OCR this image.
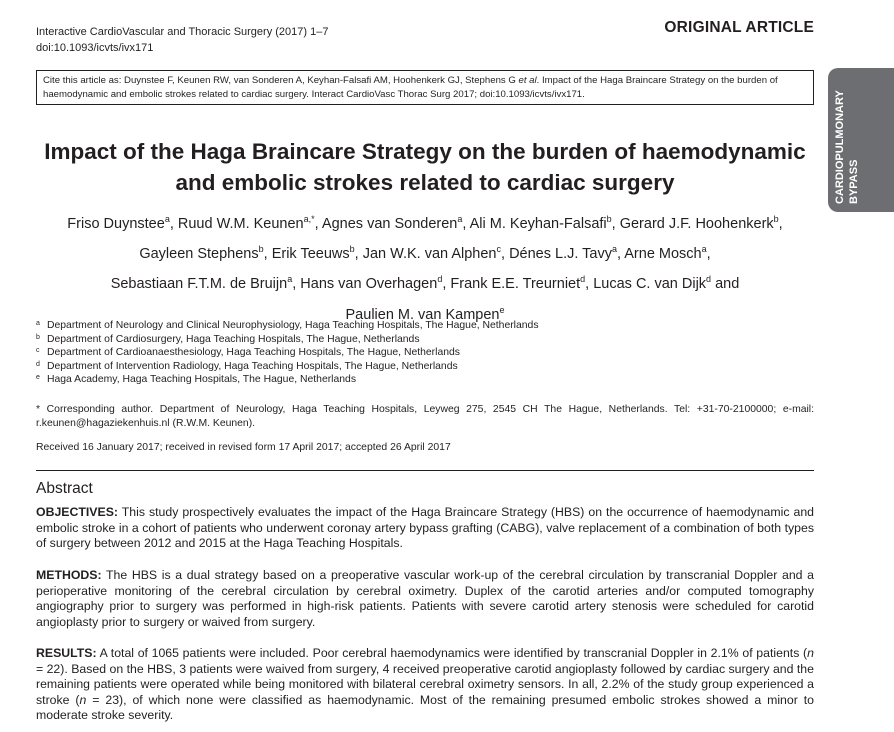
Interactive CardioVascular and Thoracic Surgery (2017) 1–7
doi:10.1093/icvts/ivx171
ORIGINAL ARTICLE
Cite this article as: Duynstee F, Keunen RW, van Sonderen A, Keyhan-Falsafi AM, Hoohenkerk GJ, Stephens G et al. Impact of the Haga Braincare Strategy on the burden of haemodynamic and embolic strokes related to cardiac surgery. Interact CardioVasc Thorac Surg 2017; doi:10.1093/icvts/ivx171.	CARDIOPULMONARY BYPASS
Impact of the Haga Braincare Strategy on the burden of haemodynamic and embolic strokes related to cardiac surgery
Friso Duynstee$^a$, Ruud W.M. Keunen$^{a,*}$, Agnes van Sonderen$^a$, Ali M. Keyhan-Falsafi$^b$, Gerard J.F. Hoohenkerk$^b$,
Gayleen Stephens$^b$, Erik Teeuws$^b$, Jan W.K. van Alphen$^c$, Dénes L.J. Tavy$^a$, Arne Mosch$^a$,
Sebastiaan F.T.M. de Bruijn$^a$, Hans van Overhagen$^d$, Frank E.E. Treurniet$^d$, Lucas C. van Dijk$^d$ and
Paulien M. van Kampen$^e$
a Department of Neurology and Clinical Neurophysiology, Haga Teaching Hospitals, The Hague, Netherlands
b Department of Cardiosurgery, Haga Teaching Hospitals, The Hague, Netherlands
c Department of Cardioanaesthesiology, Haga Teaching Hospitals, The Hague, Netherlands
d Department of Intervention Radiology, Haga Teaching Hospitals, The Hague, Netherlands
e Haga Academy, Haga Teaching Hospitals, The Hague, Netherlands
* Corresponding author. Department of Neurology, Haga Teaching Hospitals, Leyweg 275, 2545 CH The Hague, Netherlands. Tel: +31-70-2100000; e-mail: r.keunen@hagaziekenhuis.nl (R.W.M. Keunen).
Received 16 January 2017; received in revised form 17 April 2017; accepted 26 April 2017
Abstract
OBJECTIVES: This study prospectively evaluates the impact of the Haga Braincare Strategy (HBS) on the occurrence of haemodynamic and embolic stroke in a cohort of patients who underwent coronay artery bypass grafting (CABG), valve replacement of a combination of both types of surgery between 2012 and 2015 at the Haga Teaching Hospitals.
METHODS: The HBS is a dual strategy based on a preoperative vascular work-up of the cerebral circulation by transcranial Doppler and a perioperative monitoring of the cerebral circulation by cerebral oximetry. Duplex of the carotid arteries and/or computed tomography angiography prior to surgery was performed in high-risk patients. Patients with severe carotid artery stenosis were scheduled for carotid angioplasty prior to surgery or waived from surgery.
RESULTS: A total of 1065 patients were included. Poor cerebral haemodynamics were identified by transcranial Doppler in 2.1% of patients (n = 22). Based on the HBS, 3 patients were waived from surgery, 4 received preoperative carotid angioplasty followed by cardiac surgery and the remaining patients were operated while being monitored with bilateral cerebral oximetry sensors. In all, 2.2% of the study group experienced a stroke (n = 23), of which none were classified as haemodynamic. Most of the remaining presumed embolic strokes showed a minor to moderate stroke severity.
